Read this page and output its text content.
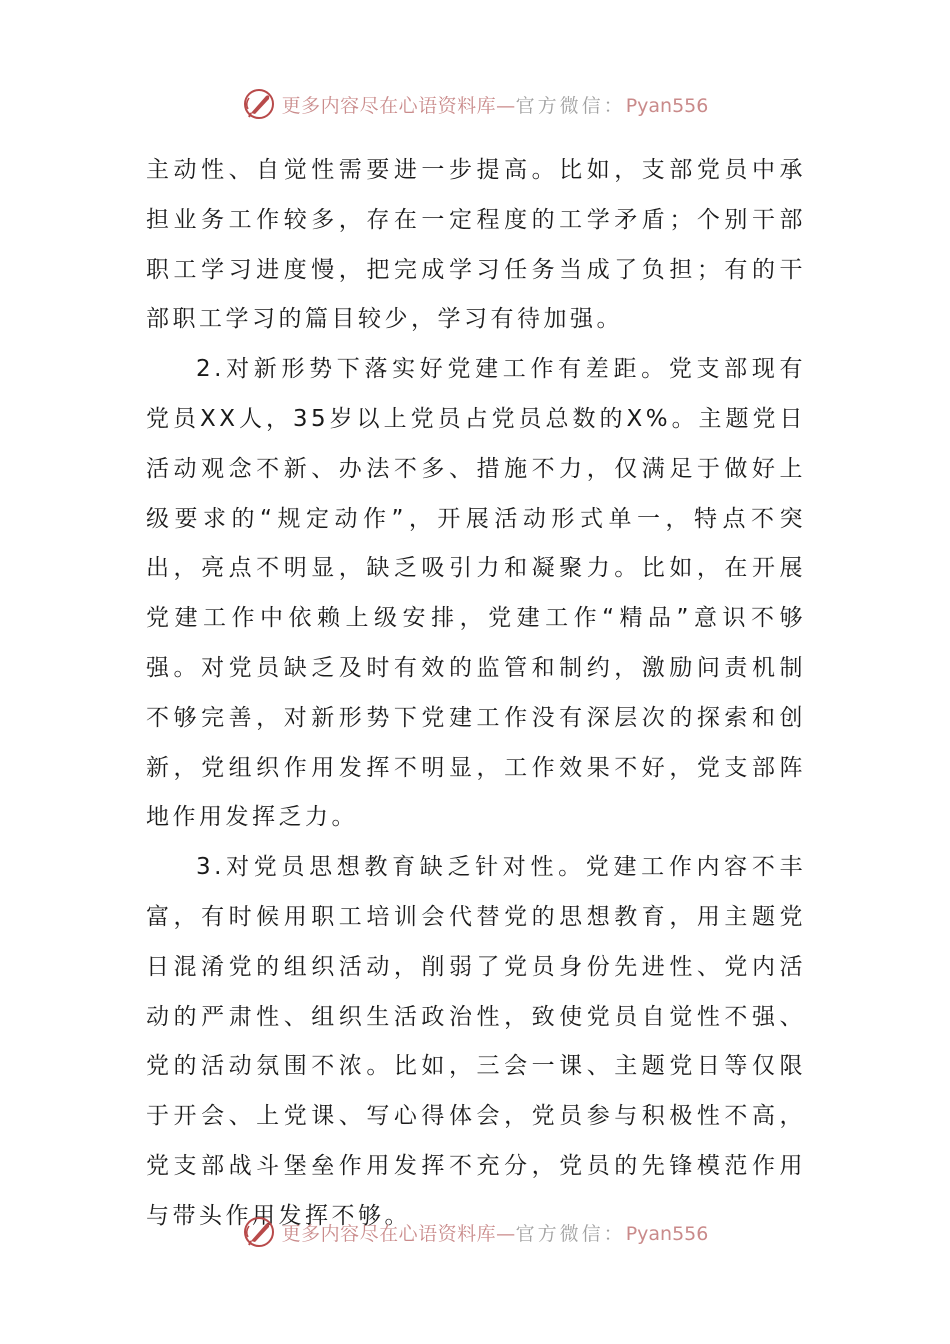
更多内容尽在心语资料库—官方微信：Pyan556

主动性、自觉性需要进一步提高。比如，支部党员中承担业务工作较多，存在一定程度的工学矛盾；个别干部职工学习进度慢，把完成学习任务当成了负担；有的干部职工学习的篇目较少，学习有待加强。

2.对新形势下落实好党建工作有差距。党支部现有党员XX人，35岁以上党员占党员总数的X%。主题党日活动观念不新、办法不多、措施不力，仅满足于做好上级要求的“规定动作”，开展活动形式单一，特点不突出，亮点不明显，缺乏吸引力和凝聚力。比如，在开展党建工作中依赖上级安排，党建工作“精品”意识不够强。对党员缺乏及时有效的监管和制约，激励问责机制不够完善，对新形势下党建工作没有深层次的探索和创新，党组织作用发挥不明显，工作效果不好，党支部阵地作用发挥乏力。

3.对党员思想教育缺乏针对性。党建工作内容不丰富，有时候用职工培训会代替党的思想教育，用主题党日混淆党的组织活动，削弱了党员身份先进性、党内活动的严肃性、组织生活政治性，致使党员自觉性不强、党的活动氛围不浓。比如，三会一课、主题党日等仅限于开会、上党课、写心得体会，党员参与积极性不高，党支部战斗堡垒作用发挥不充分，党员的先锋模范作用与带头作用发挥不够。

更多内容尽在心语资料库—官方微信：Pyan556
